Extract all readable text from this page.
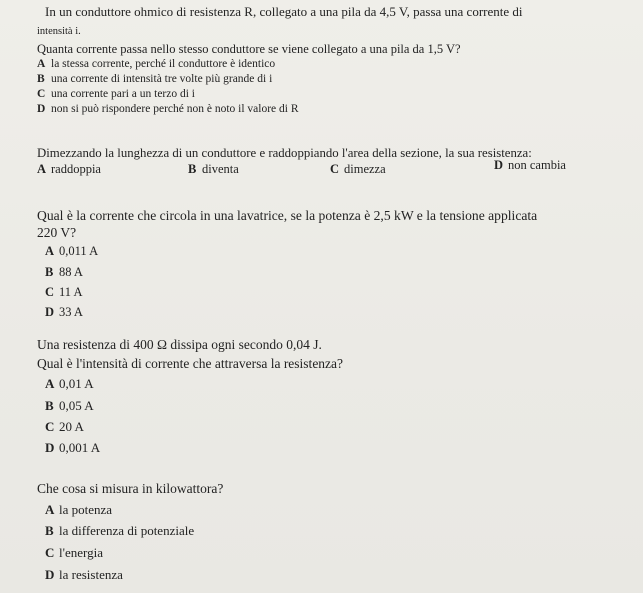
In un conduttore ohmico di resistenza R, collegato a una pila da 4,5 V, passa una corrente di
intensità i.
Quanta corrente passa nello stesso conduttore se viene collegato a una pila da 1,5 V?
A la stessa corrente, perché il conduttore è identico
B una corrente di intensità tre volte più grande di i
C una corrente pari a un terzo di i
D non si può rispondere perché non è noto il valore di R
Dimezzando la lunghezza di un conduttore e raddoppiando l'area della sezione, la sua resistenza:
A raddoppia	B diventa	C dimezza	D non cambia
Qual è la corrente che circola in una lavatrice, se la potenza è 2,5 kW e la tensione applicata
220 V?
A 0,011 A
B 88 A
C 11 A
D 33 A
Una resistenza di 400 Ω dissipa ogni secondo 0,04 J.
Qual è l'intensità di corrente che attraversa la resistenza?
A 0,01 A
B 0,05 A
C 20 A
D 0,001 A
Che cosa si misura in kilowattora?
A la potenza
B la differenza di potenziale
C l'energia
D la resistenza
